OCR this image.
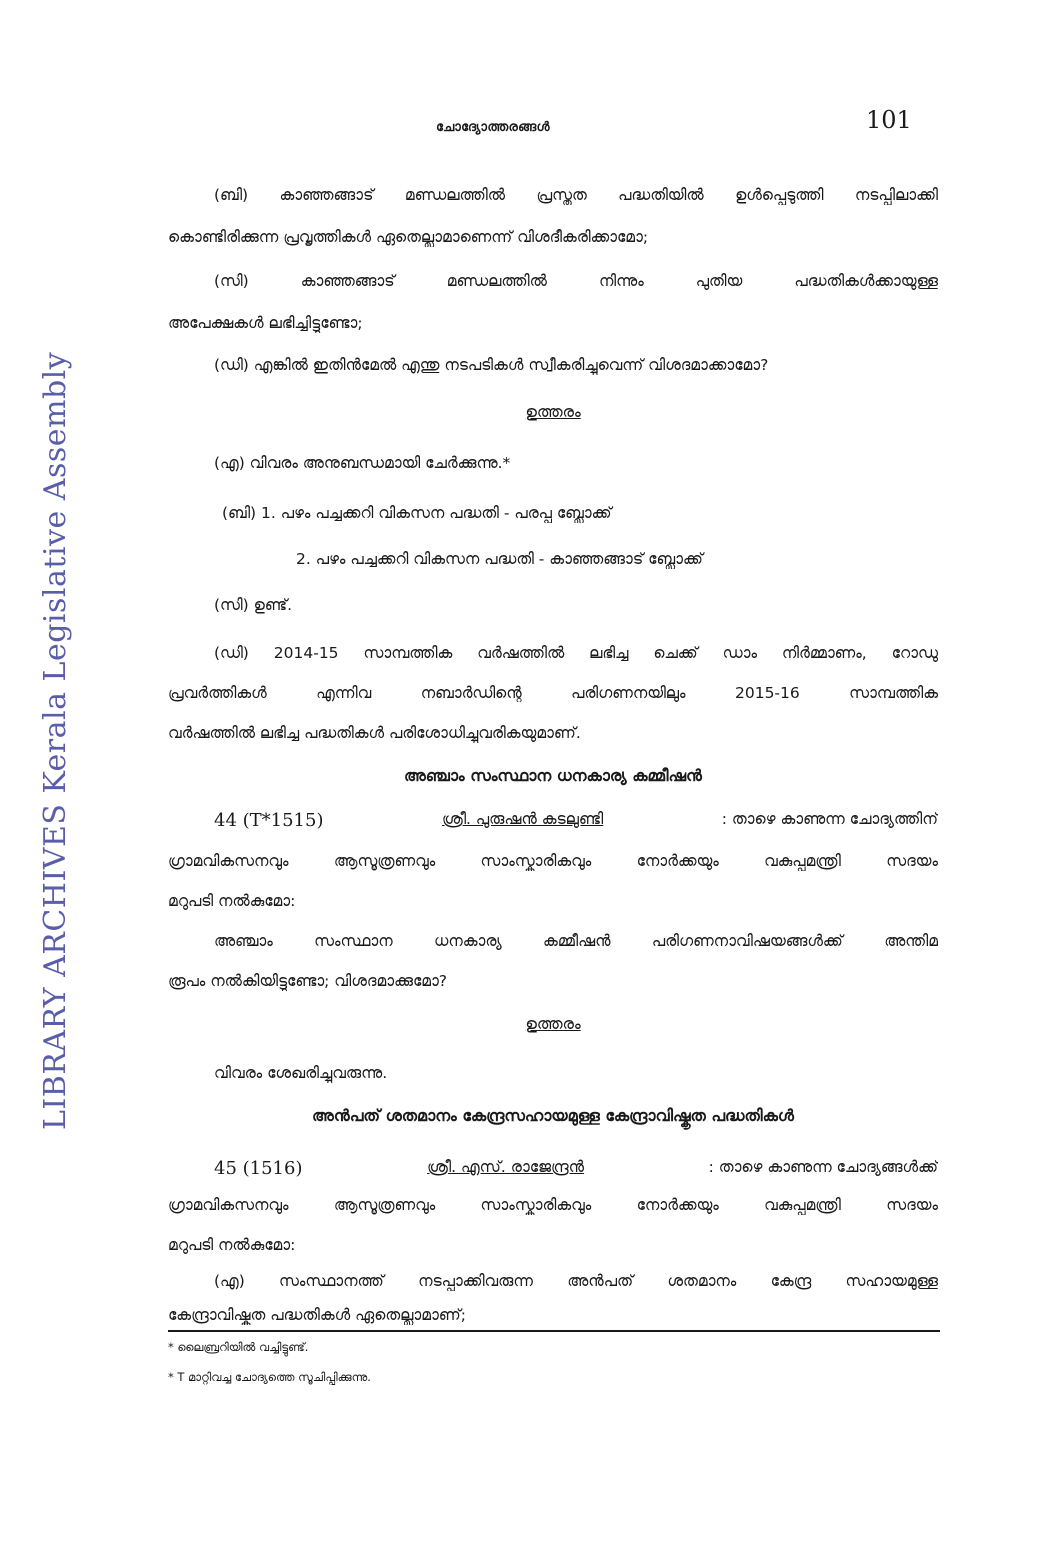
LIBRARY ARCHIVES Kerala Legislative Assembly
ചോദ്യോത്തരങ്ങൾ	101
(ബി) കാഞ്ഞങ്ങാട് മണ്ഡലത്തിൽ പ്രസ്തുത പദ്ധതിയിൽ ഉൾപ്പെടുത്തി നടപ്പിലാക്കി
കൊണ്ടിരിക്കുന്ന പ്രവൃത്തികൾ ഏതെല്ലാമാണെന്ന് വിശദീകരിക്കാമോ;
(സി) കാഞ്ഞങ്ങാട് മണ്ഡലത്തിൽ നിന്നും പുതിയ പദ്ധതികൾക്കായുള്ള
അപേക്ഷകൾ ലഭിച്ചിട്ടുണ്ടോ;
(ഡി) എങ്കിൽ ഇതിൻമേൽ എന്തു നടപടികൾ സ്വീകരിച്ചുവെന്ന് വിശദമാക്കാമോ?
ഉത്തരം
(എ) വിവരം അനുബന്ധമായി ചേർക്കുന്നു.*
(ബി) 1. പഴം പച്ചക്കറി വികസന പദ്ധതി - പരപ്പ ബ്ലോക്ക്
2. പഴം പച്ചക്കറി വികസന പദ്ധതി - കാഞ്ഞങ്ങാട് ബ്ലോക്ക്
(സി) ഉണ്ട്.
(ഡി) 2014-15 സാമ്പത്തിക വർഷത്തിൽ ലഭിച്ച ചെക്ക് ഡാം നിർമ്മാണം, റോഡു
പ്രവർത്തികൾ എന്നിവ നബാർഡിന്റെ പരിഗണനയിലും 2015-16 സാമ്പത്തിക
വർഷത്തിൽ ലഭിച്ച പദ്ധതികൾ പരിശോധിച്ചുവരികയുമാണ്.
അഞ്ചാം സംസ്ഥാന ധനകാര്യ കമ്മീഷൻ
44 (T*1515)	ശ്രീ. പുരുഷൻ കടലുണ്ടി	: താഴെ കാണുന്ന ചോദ്യത്തിന്
ഗ്രാമവികസനവും ആസൂത്രണവും സാംസ്കാരികവും നോർക്കയും വകുപ്പുമന്ത്രി സദയം
മറുപടി നൽകുമോ:
അഞ്ചാം സംസ്ഥാന ധനകാര്യ കമ്മീഷൻ പരിഗണനാവിഷയങ്ങൾക്ക് അന്തിമ
രൂപം നൽകിയിട്ടുണ്ടോ; വിശദമാക്കുമോ?
ഉത്തരം
വിവരം ശേഖരിച്ചുവരുന്നു.
അൻപത് ശതമാനം കേന്ദ്രസഹായമുള്ള കേന്ദ്രാവിഷ്കൃത പദ്ധതികൾ
45 (1516)	ശ്രീ. എസ്. രാജേന്ദ്രൻ	: താഴെ കാണുന്ന ചോദ്യങ്ങൾക്ക്
ഗ്രാമവികസനവും ആസൂത്രണവും സാംസ്കാരികവും നോർക്കയും വകുപ്പുമന്ത്രി സദയം
മറുപടി നൽകുമോ:
(എ) സംസ്ഥാനത്ത് നടപ്പാക്കിവരുന്ന അൻപത് ശതമാനം കേന്ദ്ര സഹായമുള്ള
കേന്ദ്രാവിഷ്കൃത പദ്ധതികൾ ഏതെല്ലാമാണ്;
* ലൈബ്രറിയിൽ വച്ചിട്ടുണ്ട്.
* T മാറ്റിവച്ച ചോദ്യത്തെ സൂചിപ്പിക്കുന്നു.
